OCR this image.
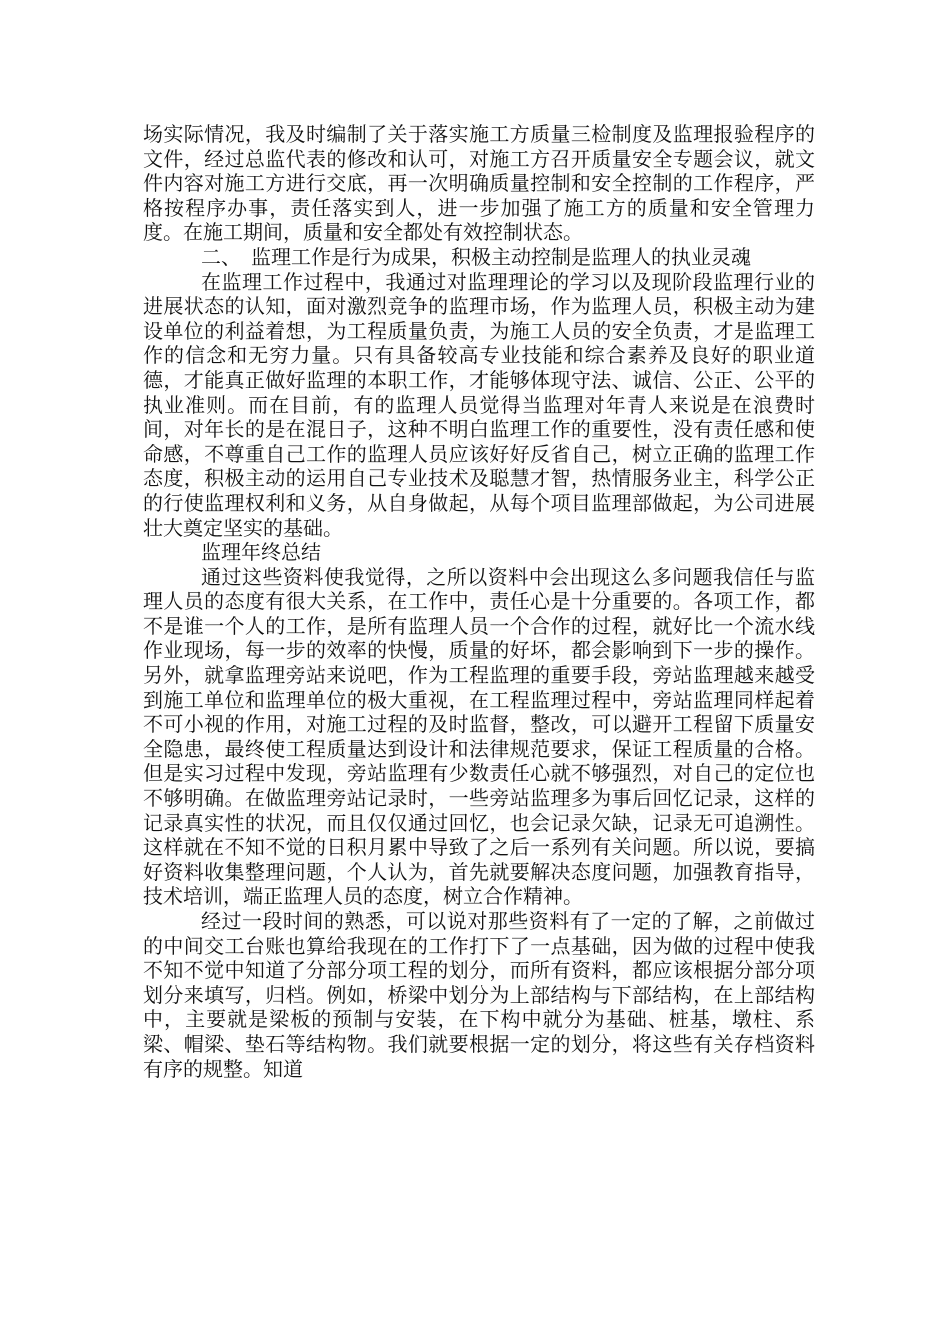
场实际情况，我及时编制了关于落实施工方质量三检制度及监理报验程序的文件，经过总监代表的修改和认可，对施工方召开质量安全专题会议，就文件内容对施工方进行交底，再一次明确质量控制和安全控制的工作程序，严格按程序办事，责任落实到人，进一步加强了施工方的质量和安全管理力度。在施工期间，质量和安全都处有效控制状态。

二、 监理工作是行为成果，积极主动控制是监理人的执业灵魂

在监理工作过程中，我通过对监理理论的学习以及现阶段监理行业的进展状态的认知，面对激烈竞争的监理市场，作为监理人员，积极主动为建设单位的利益着想，为工程质量负责，为施工人员的安全负责，才是监理工作的信念和无穷力量。只有具备较高专业技能和综合素养及良好的职业道德，才能真正做好监理的本职工作，才能够体现守法、诚信、公正、公平的执业准则。而在目前，有的监理人员觉得当监理对年青人来说是在浪费时间，对年长的是在混日子，这种不明白监理工作的重要性，没有责任感和使命感，不尊重自己工作的监理人员应该好好反省自己，树立正确的监理工作态度，积极主动的运用自己专业技术及聪慧才智，热情服务业主，科学公正的行使监理权利和义务，从自身做起，从每个项目监理部做起，为公司进展壮大奠定坚实的基础。

监理年终总结

通过这些资料使我觉得，之所以资料中会出现这么多问题我信任与监理人员的态度有很大关系，在工作中，责任心是十分重要的。各项工作，都不是谁一个人的工作，是所有监理人员一个合作的过程，就好比一个流水线作业现场，每一步的效率的快慢，质量的好坏，都会影响到下一步的操作。另外，就拿监理旁站来说吧，作为工程监理的重要手段，旁站监理越来越受到施工单位和监理单位的极大重视，在工程监理过程中，旁站监理同样起着不可小视的作用，对施工过程的及时监督，整改，可以避开工程留下质量安全隐患，最终使工程质量达到设计和法律规范要求，保证工程质量的合格。但是实习过程中发现，旁站监理有少数责任心就不够强烈，对自己的定位也不够明确。在做监理旁站记录时，一些旁站监理多为事后回忆记录，这样的记录真实性的状况，而且仅仅通过回忆，也会记录欠缺，记录无可追溯性。这样就在不知不觉的日积月累中导致了之后一系列有关问题。所以说，要搞好资料收集整理问题，个人认为，首先就要解决态度问题，加强教育指导，技术培训，端正监理人员的态度，树立合作精神。

经过一段时间的熟悉，可以说对那些资料有了一定的了解，之前做过的中间交工台账也算给我现在的工作打下了一点基础，因为做的过程中使我不知不觉中知道了分部分项工程的划分，而所有资料，都应该根据分部分项划分来填写，归档。例如，桥梁中划分为上部结构与下部结构，在上部结构中，主要就是梁板的预制与安装，在下构中就分为基础、桩基，墩柱、系梁、帽梁、垫石等结构物。我们就要根据一定的划分，将这些有关存档资料有序的规整。知道
